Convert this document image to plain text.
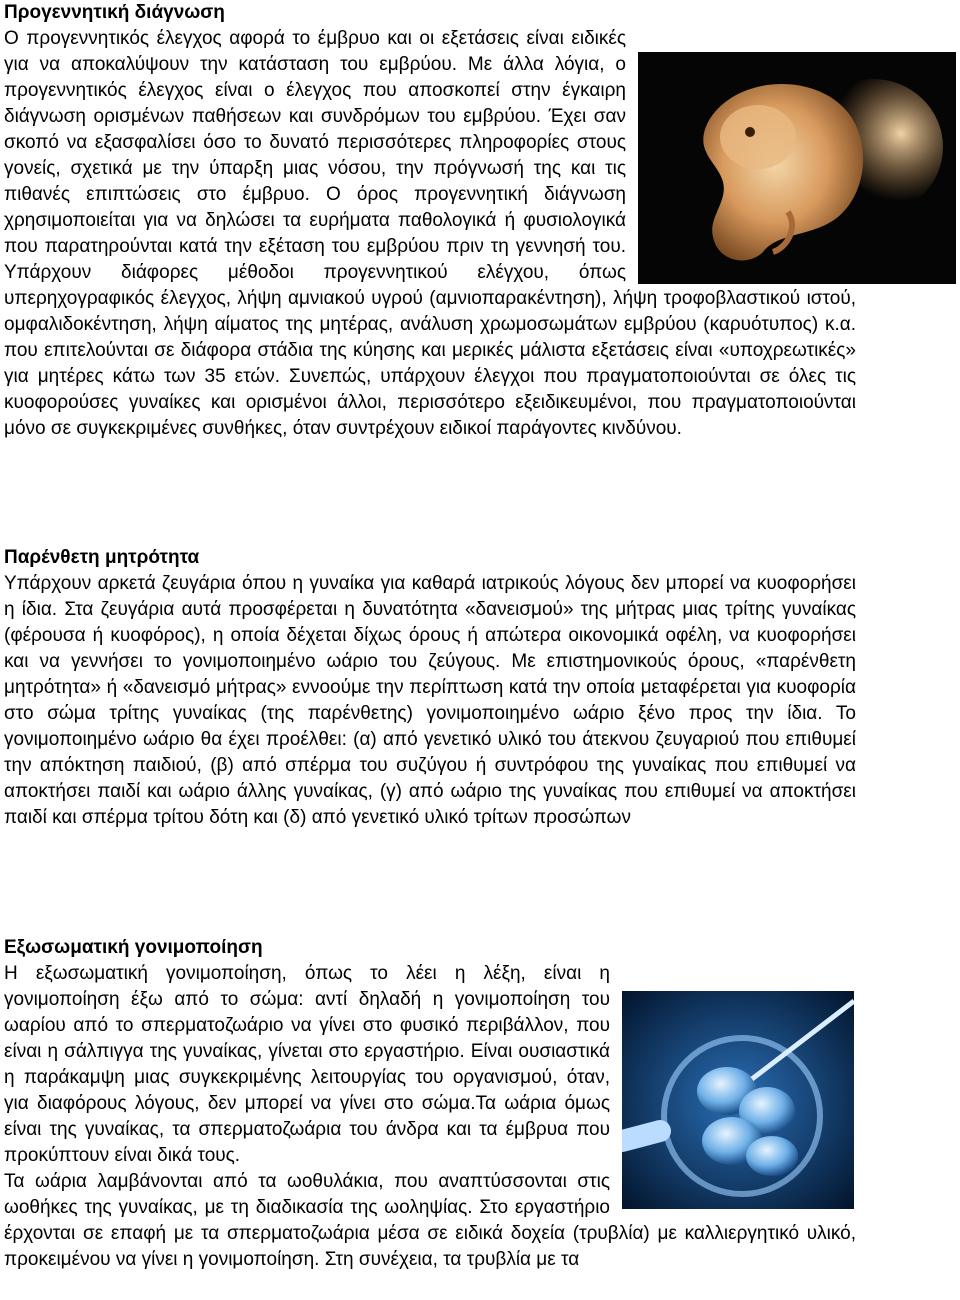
Προγεννητική διάγνωση

Ο προγεννητικός έλεγχος αφορά το έμβρυο και οι εξετάσεις είναι ειδικές για να αποκαλύψουν την κατάσταση του εμβρύου. Με άλλα λόγια, ο προγεννητικός έλεγχος είναι ο έλεγχος που αποσκοπεί στην έγκαιρη διάγνωση ορισμένων παθήσεων και συνδρόμων του εμβρύου. Έχει σαν σκοπό να εξασφαλίσει όσο το δυνατό περισσότερες πληροφορίες στους γονείς, σχετικά με την ύπαρξη μιας νόσου, την πρόγνωσή της και τις πιθανές επιπτώσεις στο έμβρυο. Ο όρος προγεννητική διάγνωση χρησιμοποιείται για να δηλώσει τα ευρήματα παθολογικά ή φυσιολογικά που παρατηρούνται κατά την εξέταση του εμβρύου πριν τη γεννησή του. Υπάρχουν διάφορες μέθοδοι προγεννητικού ελέγχου, όπως υπερηχογραφικός έλεγχος, λήψη αμνιακού υγρού (αμνιοπαρακέντηση), λήψη τροφοβλαστικού ιστού, ομφαλιδοκέντηση, λήψη αίματος της μητέρας, ανάλυση χρωμοσωμάτων εμβρύου (καρυότυπος) κ.α. που επιτελούνται σε διάφορα στάδια της κύησης και μερικές μάλιστα εξετάσεις είναι «υποχρεωτικές» για μητέρες κάτω των 35 ετών. Συνεπώς, υπάρχουν έλεγχοι που πραγματοποιούνται σε όλες τις κυοφορούσες γυναίκες και ορισμένοι άλλοι, περισσότερο εξειδικευμένοι, που πραγματοποιούνται μόνο σε συγκεκριμένες συνθήκες, όταν συντρέχουν ειδικοί παράγοντες κινδύνου.

Παρένθετη μητρότητα

Υπάρχουν αρκετά ζευγάρια όπου η γυναίκα για καθαρά ιατρικούς λόγους δεν μπορεί να κυοφορήσει η ίδια. Στα ζευγάρια αυτά προσφέρεται η δυνατότητα «δανεισμού» της μήτρας μιας τρίτης γυναίκας (φέρουσα ή κυοφόρος), η οποία δέχεται δίχως όρους ή απώτερα οικονομικά οφέλη, να κυοφορήσει και να γεννήσει το γονιμοποιημένο ωάριο του ζεύγους. Με επιστημονικούς όρους, «παρένθετη μητρότητα» ή «δανεισμό μήτρας» εννοούμε την περίπτωση κατά την οποία μεταφέρεται για κυοφορία στο σώμα τρίτης γυναίκας (της παρένθετης) γονιμοποιημένο ωάριο ξένο προς την ίδια. Το γονιμοποιημένο ωάριο θα έχει προέλθει: (α) από γενετικό υλικό του άτεκνου ζευγαριού που επιθυμεί την απόκτηση παιδιού, (β) από σπέρμα του συζύγου ή συντρόφου της γυναίκας που επιθυμεί να αποκτήσει παιδί και ωάριο άλλης γυναίκας, (γ) από ωάριο της γυναίκας που επιθυμεί να αποκτήσει παιδί και σπέρμα τρίτου δότη και (δ) από γενετικό υλικό τρίτων προσώπων

Εξωσωματική γονιμοποίηση

Η εξωσωματική γονιμοποίηση, όπως το λέει η λέξη, είναι η γονιμοποίηση έξω από το σώμα: αντί δηλαδή η γονιμοποίηση του ωαρίου από το σπερματοζωάριο να γίνει στο φυσικό περιβάλλον, που είναι η σάλπιγγα της γυναίκας, γίνεται στο εργαστήριο. Είναι ουσιαστικά η παράκαμψη μιας συγκεκριμένης λειτουργίας του οργανισμού, όταν, για διαφόρους λόγους, δεν μπορεί να γίνει στο σώμα.Τα ωάρια όμως είναι της γυναίκας, τα σπερματοζωάρια του άνδρα και τα έμβρυα που προκύπτουν είναι δικά τους.

Τα ωάρια λαμβάνονται από τα ωοθυλάκια, που αναπτύσσονται στις ωοθήκες της γυναίκας, με τη διαδικασία της ωοληψίας. Στο εργαστήριο έρχονται σε επαφή με τα σπερματοζωάρια μέσα σε ειδικά δοχεία (τρυβλία) με καλλιεργητικό υλικό, προκειμένου να γίνει η γονιμοποίηση. Στη συνέχεια, τα τρυβλία με τα
